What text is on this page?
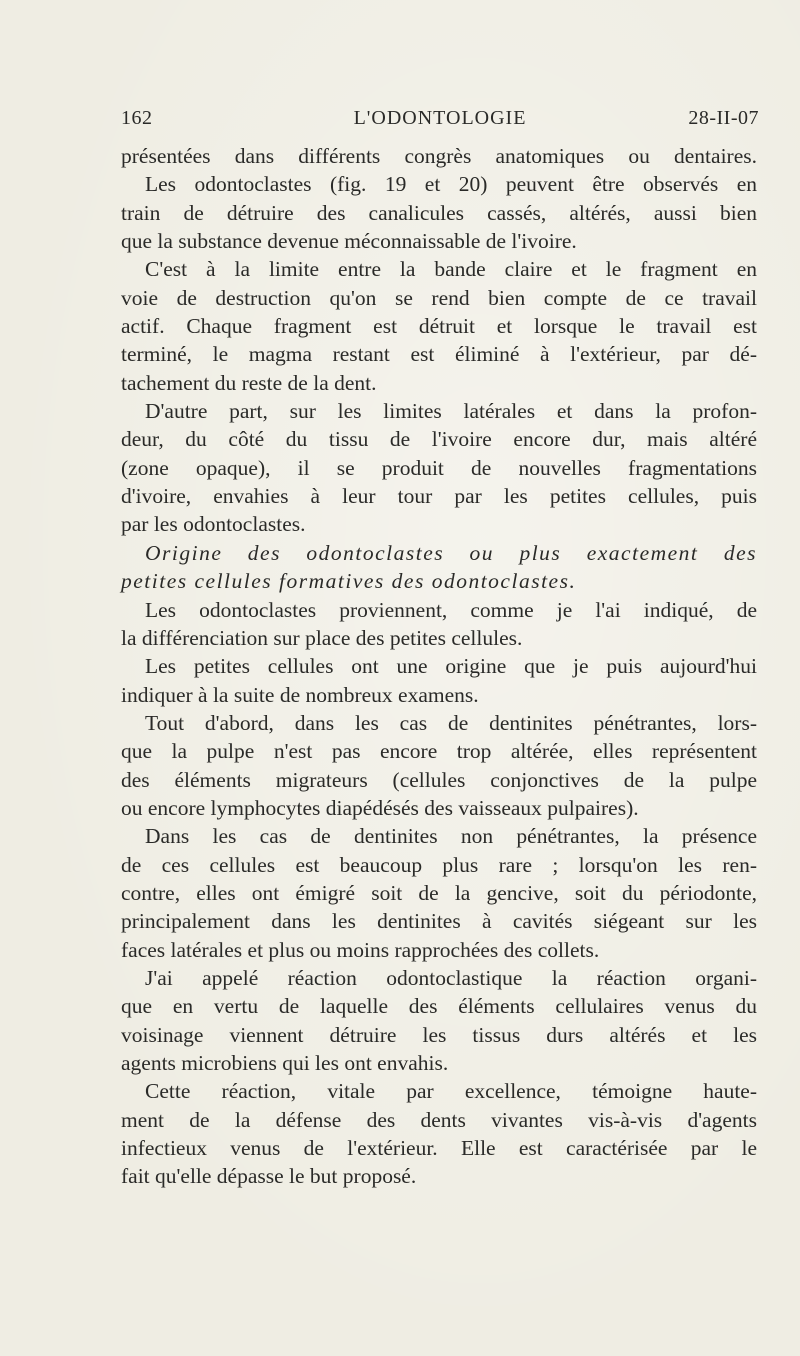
L'ODONTOLOGIE
162	28-II-07
présentées dans différents congrès anatomiques ou dentaires.
Les odontoclastes (fig. 19 et 20) peuvent être observés en
train de détruire des canalicules cassés, altérés, aussi bien
que la substance devenue méconnaissable de l'ivoire.
C'est à la limite entre la bande claire et le fragment en
voie de destruction qu'on se rend bien compte de ce travail
actif. Chaque fragment est détruit et lorsque le travail est
terminé, le magma restant est éliminé à l'extérieur, par dé-
tachement du reste de la dent.
D'autre part, sur les limites latérales et dans la profon-
deur, du côté du tissu de l'ivoire encore dur, mais altéré
(zone opaque), il se produit de nouvelles fragmentations
d'ivoire, envahies à leur tour par les petites cellules, puis
par les odontoclastes.
Origine des odontoclastes ou plus exactement des
petites cellules formatives des odontoclastes.
Les odontoclastes proviennent, comme je l'ai indiqué, de
la différenciation sur place des petites cellules.
Les petites cellules ont une origine que je puis aujourd'hui
indiquer à la suite de nombreux examens.
Tout d'abord, dans les cas de dentinites pénétrantes, lors-
que la pulpe n'est pas encore trop altérée, elles représentent
des éléments migrateurs (cellules conjonctives de la pulpe
ou encore lymphocytes diapédésés des vaisseaux pulpaires).
Dans les cas de dentinites non pénétrantes, la présence
de ces cellules est beaucoup plus rare ; lorsqu'on les ren-
contre, elles ont émigré soit de la gencive, soit du périodonte,
principalement dans les dentinites à cavités siégeant sur les
faces latérales et plus ou moins rapprochées des collets.
J'ai appelé réaction odontoclastique la réaction organi-
que en vertu de laquelle des éléments cellulaires venus du
voisinage viennent détruire les tissus durs altérés et les
agents microbiens qui les ont envahis.
Cette réaction, vitale par excellence, témoigne haute-
ment de la défense des dents vivantes vis-à-vis d'agents
infectieux venus de l'extérieur. Elle est caractérisée par le
fait qu'elle dépasse le but proposé.
